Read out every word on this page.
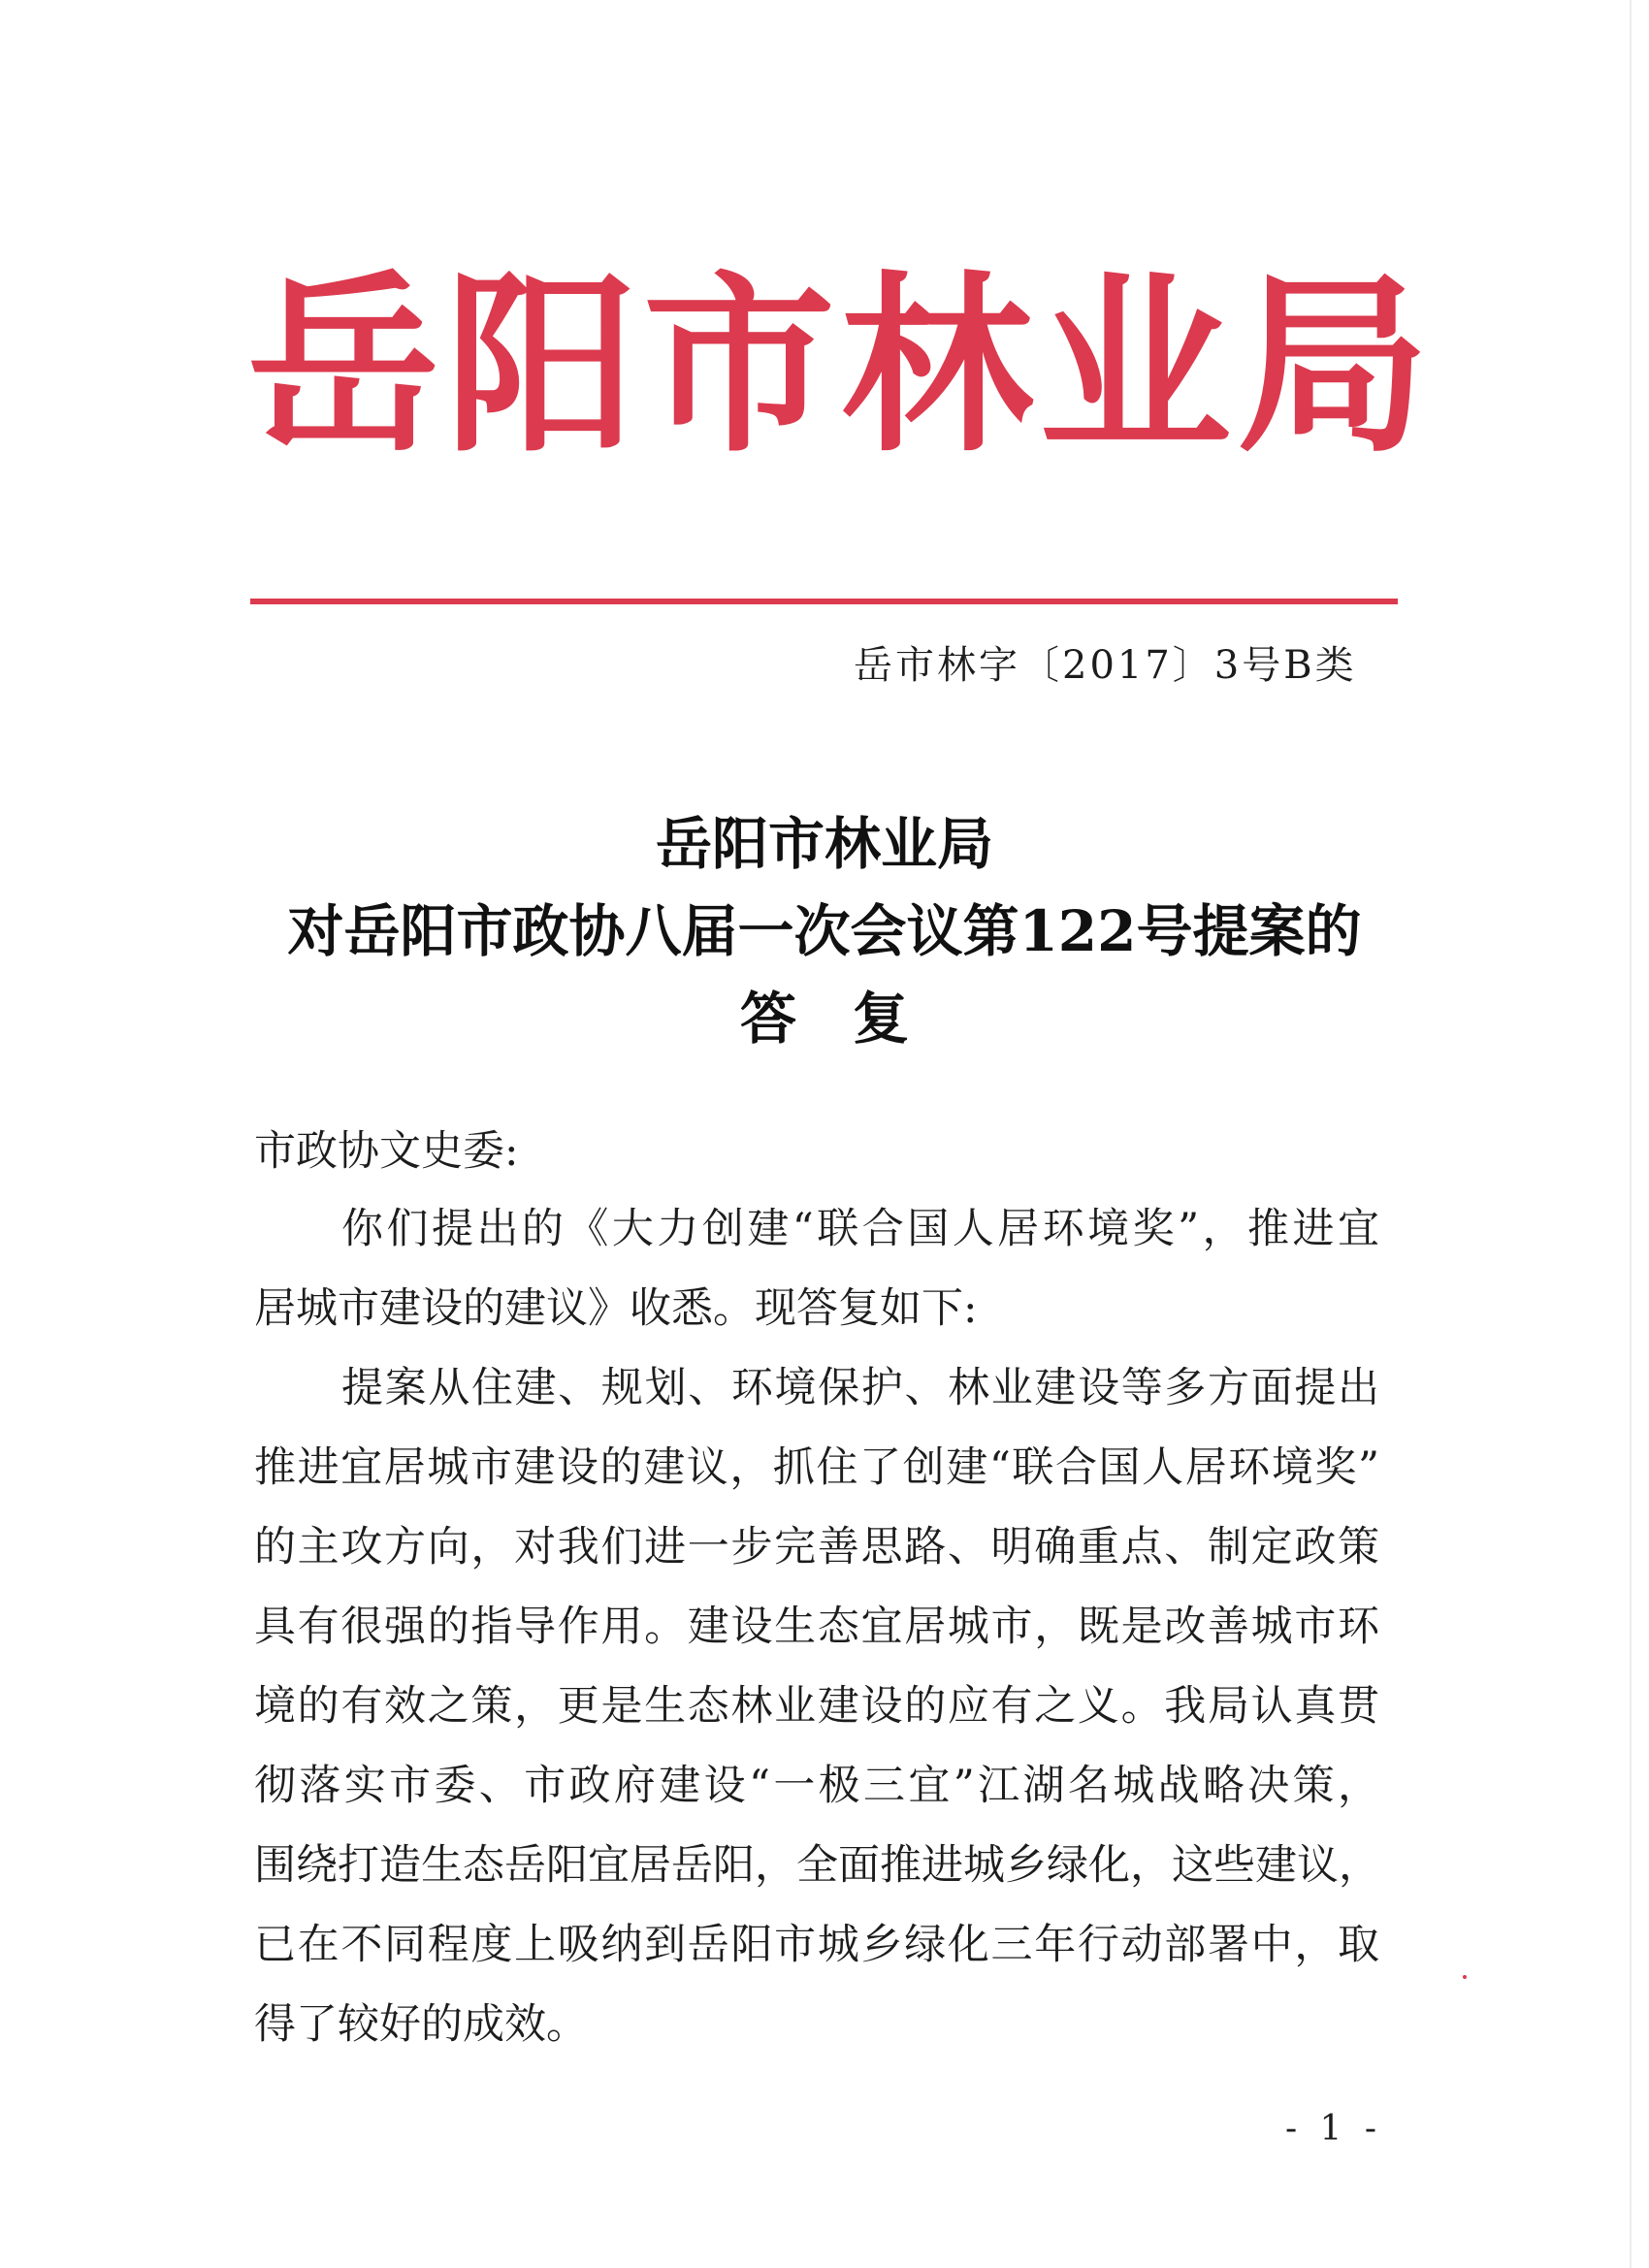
岳阳市林业局
岳市林字〔2017〕3号B类
岳阳市林业局
对岳阳市政协八届一次会议第122号提案的
答复
市政协文史委:
你们提出的《大力创建“联合国人居环境奖”，推进宜
居城市建设的建议》收悉。现答复如下:
提案从住建、规划、环境保护、林业建设等多方面提出
推进宜居城市建设的建议，抓住了创建“联合国人居环境奖”
的主攻方向，对我们进一步完善思路、明确重点、制定政策
具有很强的指导作用。建设生态宜居城市，既是改善城市环
境的有效之策，更是生态林业建设的应有之义。我局认真贯
彻落实市委、市政府建设“一极三宜”江湖名城战略决策，
围绕打造生态岳阳宜居岳阳，全面推进城乡绿化，这些建议，
已在不同程度上吸纳到岳阳市城乡绿化三年行动部署中，取
得了较好的成效。
- 1 -
